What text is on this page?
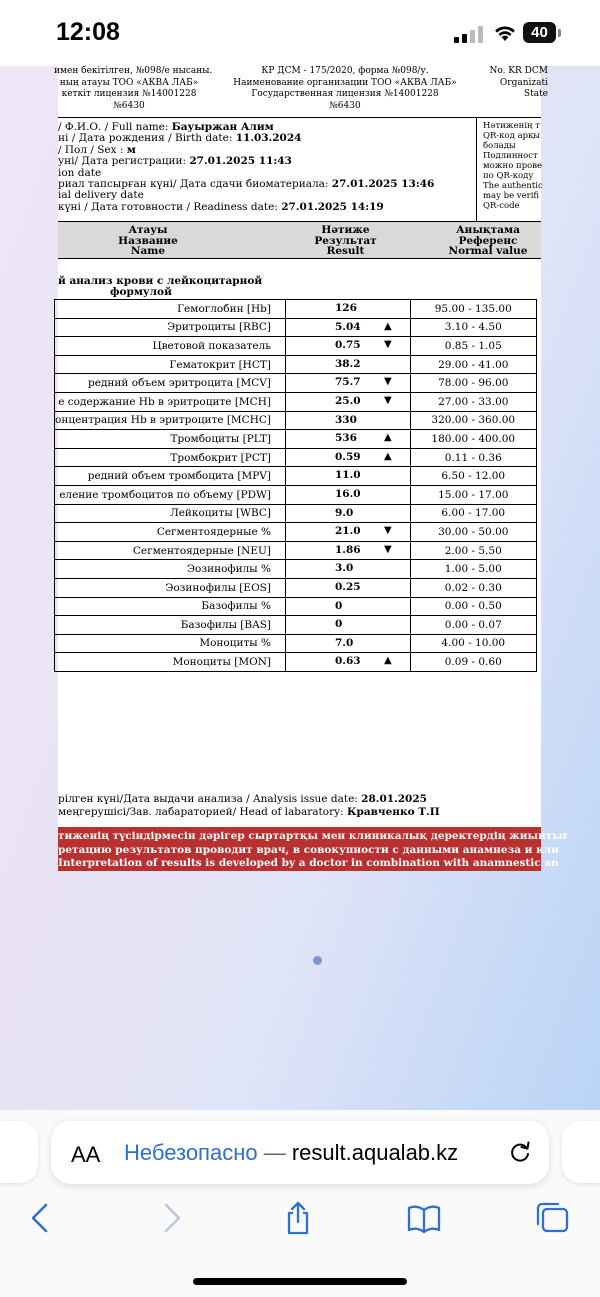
12:08	40
имен бекітілген, №098/е нысаны.
ның атауы ТОО «АКВА ЛАБ»
кеткіт лицензия №14001228
№6430
КР ДСМ - 175/2020, форма №098/у.
Наименование организации ТОО «АКВА ЛАБ»
Государственная лицензия №14001228
№6430
No. KR DCM
Organizati
State
/ Ф.И.О. / Full name: Бауыржан Алим
ні / Дата рождения / Birth date: 11.03.2024
/ Пол / Sex : м
уні/ Дата регистрации: 27.01.2025 11:43
ion date
риал тапсырған күні/ Дата сдачи биоматериала: 27.01.2025 13:46
ial delivery date
күні / Дата готовности / Readiness date: 27.01.2025 14:19
Нәтиженің т
QR-код арқы
болады
Подлинност
можно прове
по QR-коду
The authentic
may be verifi
QR-code
Атауы
Название
Name
Нәтиже
Результат
Result
Анықтама
Референс
Normal value
й анализ крови с лейкоцитарной
формулой
Гемоглобин [Hb]	126	95.00 - 135.00
Эритроциты [RBC]	5.04 ▲	3.10 - 4.50
Цветовой показатель	0.75 ▼	0.85 - 1.05
Гематокрит [HCT]	38.2	29.00 - 41.00
редний объем эритроцита [MCV]	75.7 ▼	78.00 - 96.00
е содержание Hb в эритроците [MCH]	25.0 ▼	27.00 - 33.00
онцентрация Hb в эритроците [MCHC]	330	320.00 - 360.00
Тромбоциты [PLT]	536 ▲	180.00 - 400.00
Тромбокрит [PCT]	0.59 ▲	0.11 - 0.36
редний объем тромбоцита [MPV]	11.0	6.50 - 12.00
еление тромбоцитов по объему [PDW]	16.0	15.00 - 17.00
Лейкоциты [WBC]	9.0	6.00 - 17.00
Сегментоядерные %	21.0 ▼	30.00 - 50.00
Сегментоядерные [NEU]	1.86 ▼	2.00 - 5.50
Эозинофилы %	3.0	1.00 - 5.00
Эозинофилы [EOS]	0.25	0.02 - 0.30
Базофилы %	0	0.00 - 0.50
Базофилы [BAS]	0	0.00 - 0.07
Моноциты %	7.0	4.00 - 10.00
Моноциты [MON]	0.63 ▲	0.09 - 0.60
рілген күні/Дата выдачи анализа / Analysis issue date: 28.01.2025
меңгерушісі/Зав. лабараторией/ Head of labaratory: Кравченко Т.П
тиженің түсіндірмесін дәрігер сыртартқы мен клиникалық деректердің жиынтығ
ретацию результатов проводит врач, в совокупности с данными анамнеза и кли
Interpretation of results is developed by a doctor in combination with anamnestic an
AA Небезопасно — result.aqualab.kz
